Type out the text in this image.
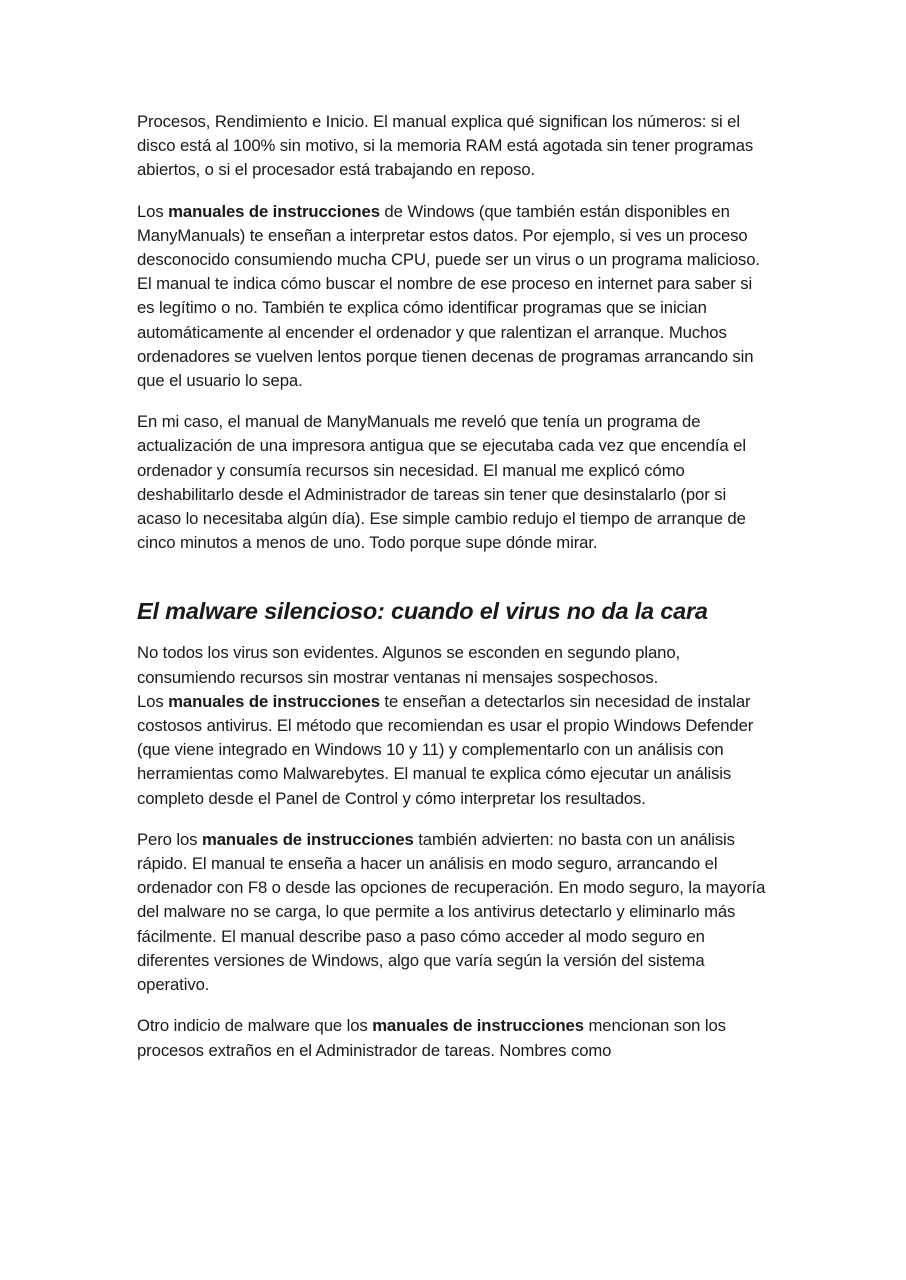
Procesos, Rendimiento e Inicio. El manual explica qué significan los números: si el disco está al 100% sin motivo, si la memoria RAM está agotada sin tener programas abiertos, o si el procesador está trabajando en reposo.

Los manuales de instrucciones de Windows (que también están disponibles en ManyManuals) te enseñan a interpretar estos datos. Por ejemplo, si ves un proceso desconocido consumiendo mucha CPU, puede ser un virus o un programa malicioso. El manual te indica cómo buscar el nombre de ese proceso en internet para saber si es legítimo o no. También te explica cómo identificar programas que se inician automáticamente al encender el ordenador y que ralentizan el arranque. Muchos ordenadores se vuelven lentos porque tienen decenas de programas arrancando sin que el usuario lo sepa.

En mi caso, el manual de ManyManuals me reveló que tenía un programa de actualización de una impresora antigua que se ejecutaba cada vez que encendía el ordenador y consumía recursos sin necesidad. El manual me explicó cómo deshabilitarlo desde el Administrador de tareas sin tener que desinstalarlo (por si acaso lo necesitaba algún día). Ese simple cambio redujo el tiempo de arranque de cinco minutos a menos de uno. Todo porque supe dónde mirar.

El malware silencioso: cuando el virus no da la cara

No todos los virus son evidentes. Algunos se esconden en segundo plano, consumiendo recursos sin mostrar ventanas ni mensajes sospechosos.
Los manuales de instrucciones te enseñan a detectarlos sin necesidad de instalar costosos antivirus. El método que recomiendan es usar el propio Windows Defender (que viene integrado en Windows 10 y 11) y complementarlo con un análisis con herramientas como Malwarebytes. El manual te explica cómo ejecutar un análisis completo desde el Panel de Control y cómo interpretar los resultados.

Pero los manuales de instrucciones también advierten: no basta con un análisis rápido. El manual te enseña a hacer un análisis en modo seguro, arrancando el ordenador con F8 o desde las opciones de recuperación. En modo seguro, la mayoría del malware no se carga, lo que permite a los antivirus detectarlo y eliminarlo más fácilmente. El manual describe paso a paso cómo acceder al modo seguro en diferentes versiones de Windows, algo que varía según la versión del sistema operativo.

Otro indicio de malware que los manuales de instrucciones mencionan son los procesos extraños en el Administrador de tareas. Nombres como
